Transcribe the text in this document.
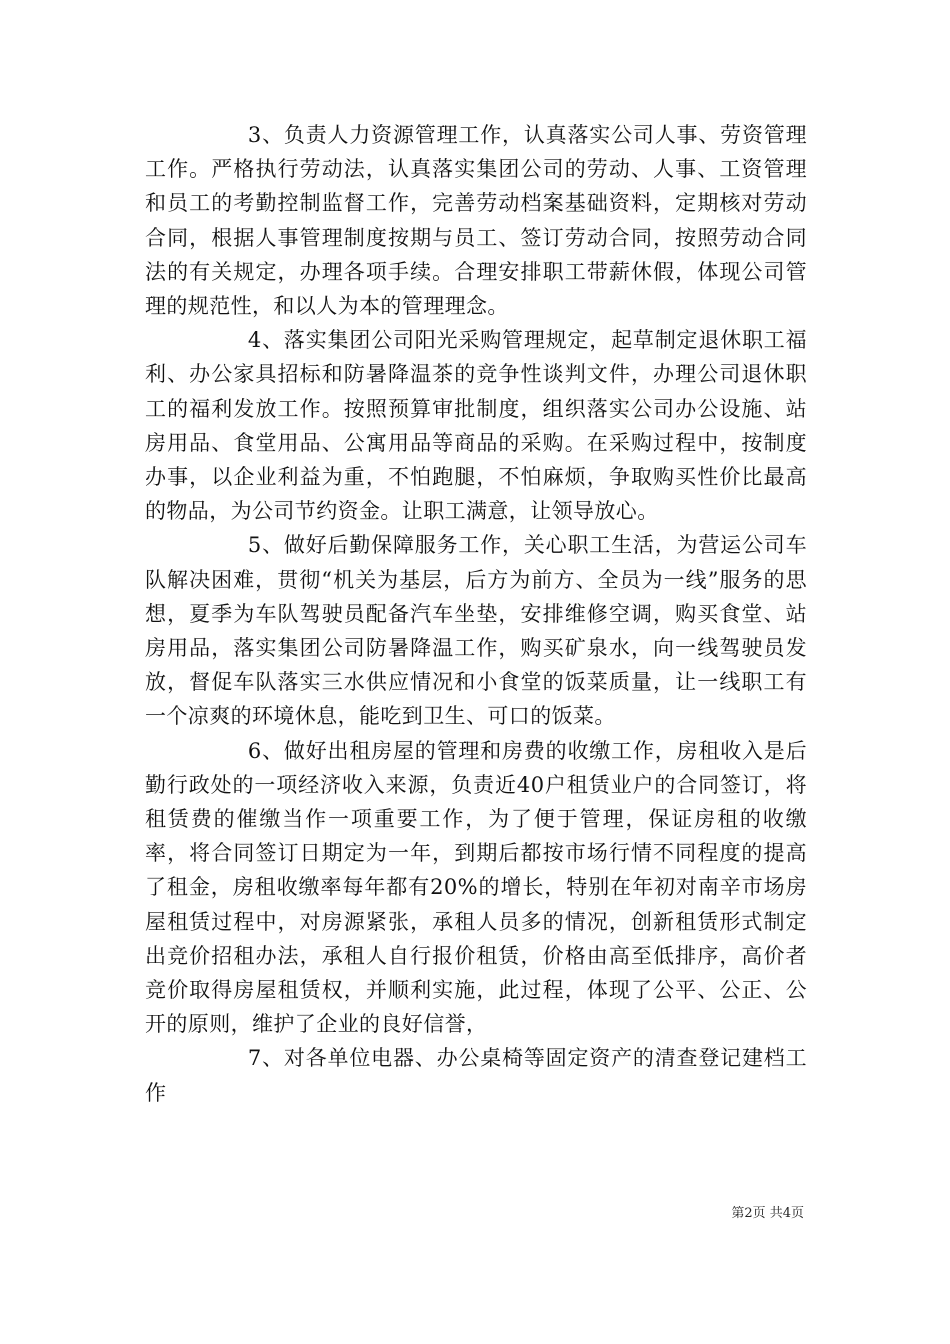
3、负责人力资源管理工作，认真落实公司人事、劳资管理工作。严格执行劳动法，认真落实集团公司的劳动、人事、工资管理和员工的考勤控制监督工作，完善劳动档案基础资料，定期核对劳动合同，根据人事管理制度按期与员工、签订劳动合同，按照劳动合同法的有关规定，办理各项手续。合理安排职工带薪休假，体现公司管理的规范性，和以人为本的管理理念。

4、落实集团公司阳光采购管理规定，起草制定退休职工福利、办公家具招标和防暑降温茶的竞争性谈判文件，办理公司退休职工的福利发放工作。按照预算审批制度，组织落实公司办公设施、站房用品、食堂用品、公寓用品等商品的采购。在采购过程中，按制度办事，以企业利益为重，不怕跑腿，不怕麻烦，争取购买性价比最高的物品，为公司节约资金。让职工满意，让领导放心。

5、做好后勤保障服务工作，关心职工生活，为营运公司车队解决困难，贯彻“机关为基层，后方为前方、全员为一线”服务的思想，夏季为车队驾驶员配备汽车坐垫，安排维修空调，购买食堂、站房用品，落实集团公司防暑降温工作，购买矿泉水，向一线驾驶员发放，督促车队落实三水供应情况和小食堂的饭菜质量，让一线职工有一个凉爽的环境休息，能吃到卫生、可口的饭菜。

6、做好出租房屋的管理和房费的收缴工作，房租收入是后勤行政处的一项经济收入来源，负责近40户租赁业户的合同签订，将租赁费的催缴当作一项重要工作，为了便于管理，保证房租的收缴率，将合同签订日期定为一年，到期后都按市场行情不同程度的提高了租金，房租收缴率每年都有20%的增长，特别在年初对南辛市场房屋租赁过程中，对房源紧张，承租人员多的情况，创新租赁形式制定出竞价招租办法，承租人自行报价租赁，价格由高至低排序，高价者竞价取得房屋租赁权，并顺利实施，此过程，体现了公平、公正、公开的原则，维护了企业的良好信誉，

7、对各单位电器、办公桌椅等固定资产的清查登记建档工作

第2页 共4页
